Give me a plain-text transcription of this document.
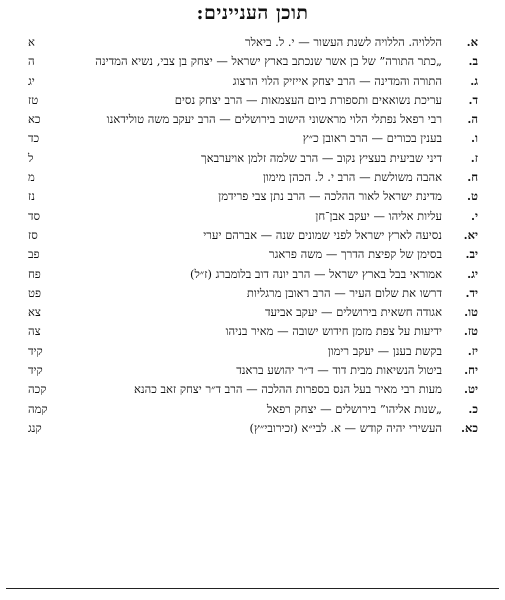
תוכן העניינים:
א.
הללויה. הללויה לשנת העשור — י. ל. ביאלר
א
ב.
„כתר התורה” של בן אשר שנכתב בארץ ישראל — יצחק בן צבי, נשיא המדינה
ה
ג.
התורה והמדינה — הרב יצחק אייזיק הלוי הרצוג
יג
ד.
עריכת נשואאים ותספורת ביום העצמאות — הרב יצחק נסים
טז
ה.
רבי רפאל נפתלי הלוי מראשוני הישוב בירושלים — הרב יעקב משה טולידאנו
כא
ו.
בענין בכורים — הרב ראובן כ״ץ
כד
ז.
דיני שביעית בעציץ נקוב — הרב שלמה זלמן אויערבאך
ל
ח.
אהבה משולשת — הרב י. ל. הכהן מימון
מ
ט.
מדינת ישראל לאור ההלכה — הרב נתן צבי פרידמן
נז
י.
עליות אליהו — יעקב אבן־חן
סד
יא.
נסיעה לארץ ישראל לפני שמונים שנה — אברהם יערי
סז
יב.
בסימן של קפיצת הדרך — משה פראגר
פב
יג.
אמוראי בבל בארץ ישראל — הרב יונה דוב בלומברג (ז״ל)
פח
יד.
דרשו את שלום העיר — הרב ראובן מרגליות
פט
טו.
אגודה חשאית בירושלים — יעקב אביעד
צא
טז.
ידיעות על צפת מזמן חידוש ישובה — מאיר בניהו
צה
יז.
בקשת בענן — יעקב רימון
קיד
יח.
ביטול הנשיאות מבית דוד — ד״ר יהושע בראנד
קיד
יט.
מעות רבי מאיר בעל הנס בספרות ההלכה — הרב ד״ר יצחק זאב כהנא
קכה
כ.
„שנות אליהו” בירושלים — יצחק רפאל
קמה
כא.
העשירי יהיה קודש — א. לבי״א (זכירובי״ץ)
קנג
